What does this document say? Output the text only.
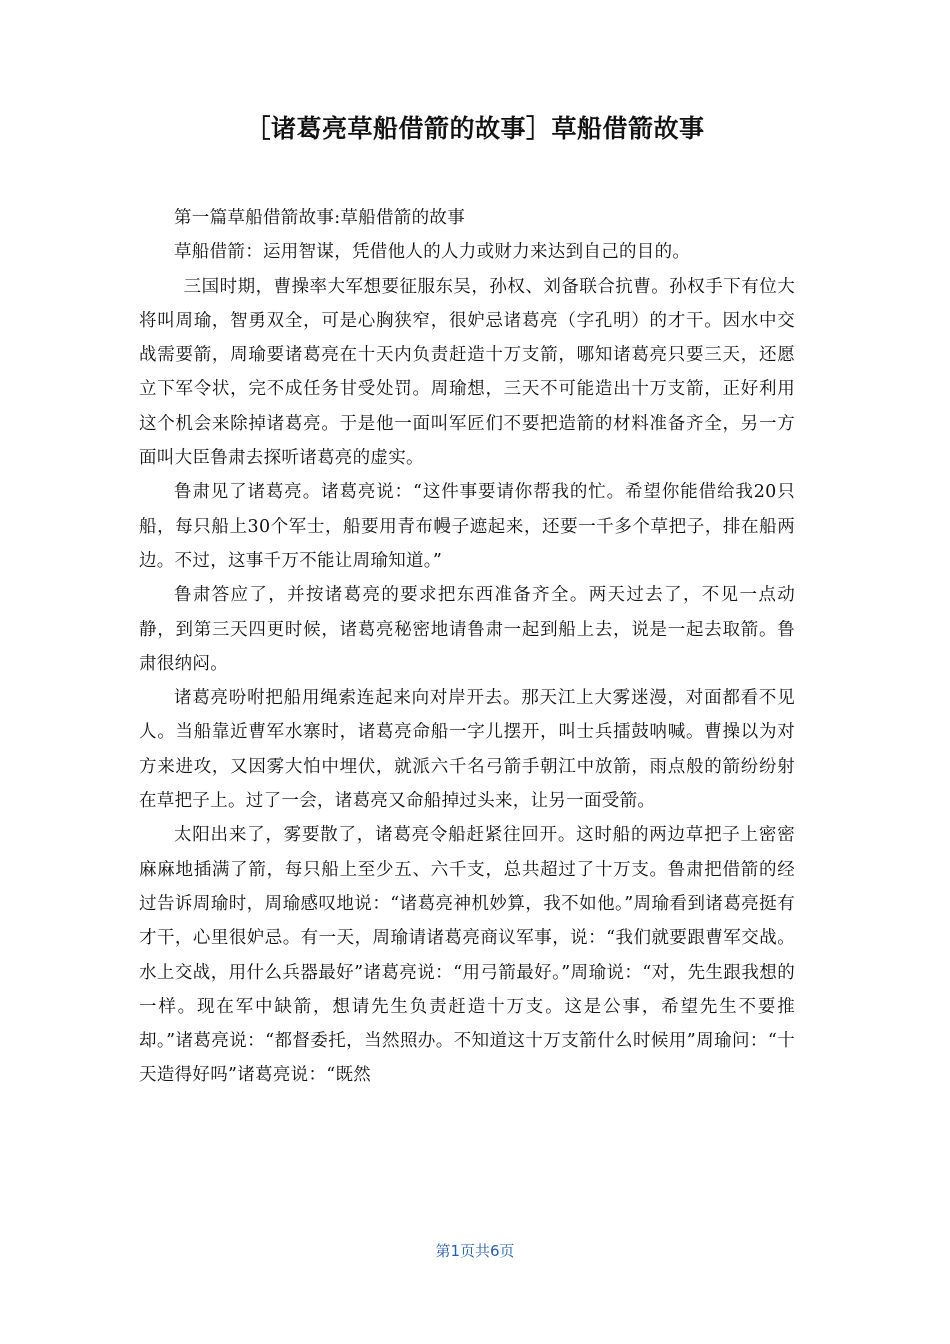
［诸葛亮草船借箭的故事］草船借箭故事

第一篇草船借箭故事:草船借箭的故事

草船借箭：运用智谋，凭借他人的人力或财力来达到自己的目的。

三国时期，曹操率大军想要征服东吴，孙权、刘备联合抗曹。孙权手下有位大将叫周瑜，智勇双全，可是心胸狭窄，很妒忌诸葛亮（字孔明）的才干。因水中交战需要箭，周瑜要诸葛亮在十天内负责赶造十万支箭，哪知诸葛亮只要三天，还愿立下军令状，完不成任务甘受处罚。周瑜想，三天不可能造出十万支箭，正好利用这个机会来除掉诸葛亮。于是他一面叫军匠们不要把造箭的材料准备齐全，另一方面叫大臣鲁肃去探听诸葛亮的虚实。

鲁肃见了诸葛亮。诸葛亮说：“这件事要请你帮我的忙。希望你能借给我20只船，每只船上30个军士，船要用青布幔子遮起来，还要一千多个草把子，排在船两边。不过，这事千万不能让周瑜知道。”

鲁肃答应了，并按诸葛亮的要求把东西准备齐全。两天过去了，不见一点动静，到第三天四更时候，诸葛亮秘密地请鲁肃一起到船上去，说是一起去取箭。鲁肃很纳闷。

诸葛亮吩咐把船用绳索连起来向对岸开去。那天江上大雾迷漫，对面都看不见人。当船靠近曹军水寨时，诸葛亮命船一字儿摆开，叫士兵擂鼓呐喊。曹操以为对方来进攻，又因雾大怕中埋伏，就派六千名弓箭手朝江中放箭，雨点般的箭纷纷射在草把子上。过了一会，诸葛亮又命船掉过头来，让另一面受箭。

太阳出来了，雾要散了，诸葛亮令船赶紧往回开。这时船的两边草把子上密密麻麻地插满了箭，每只船上至少五、六千支，总共超过了十万支。鲁肃把借箭的经过告诉周瑜时，周瑜感叹地说：“诸葛亮神机妙算，我不如他。”周瑜看到诸葛亮挺有才干，心里很妒忌。有一天，周瑜请诸葛亮商议军事，说：“我们就要跟曹军交战。水上交战，用什么兵器最好”诸葛亮说：“用弓箭最好。”周瑜说：“对，先生跟我想的一样。现在军中缺箭，想请先生负责赶造十万支。这是公事，希望先生不要推却。”诸葛亮说：“都督委托，当然照办。不知道这十万支箭什么时候用”周瑜问：“十天造得好吗”诸葛亮说：“既然

第1页共6页
